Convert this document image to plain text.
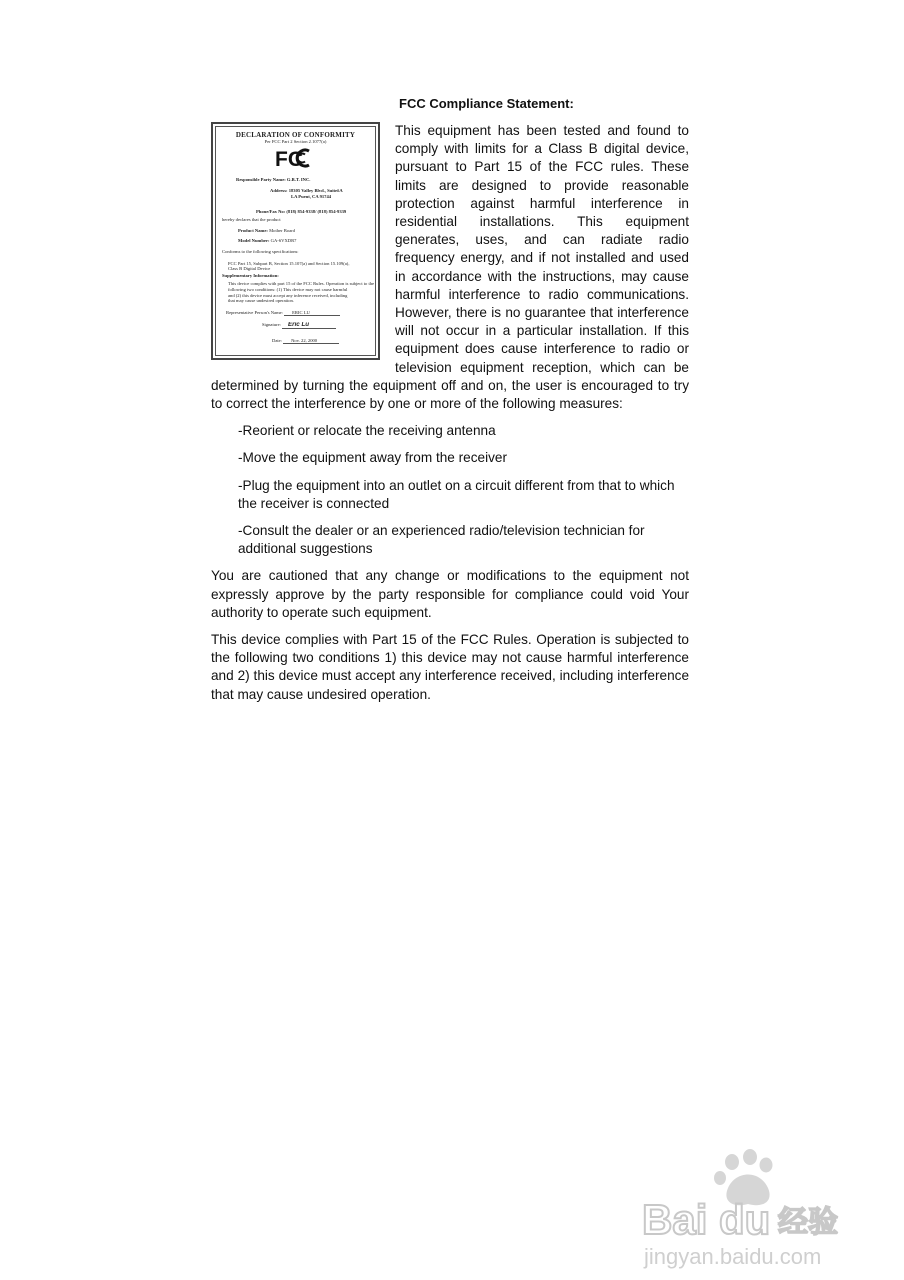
FCC Compliance Statement:
DECLARATION OF CONFORMITY
Per FCC Part 2 Section 2.1077(a)
FC
Responsible Party Name: G.B.T. INC.
Address: 18305 Valley Blvd., Suite#A
LA Puent, CA 91744
Phone/Fax No: (818) 854-9338/ (818) 854-9339
hereby declares that the product
Product Name: Mother Board
Model Number: GA-6VXDR7
Conforms to the following specifications:
FCC Part 15, Subpart B, Section 15.107(a) and Section 15.109(a),
Class B Digital Device
Supplementary Information:
This device complies with part 15 of the FCC Rules. Operation is subject to the
following two conditions: (1) This device may not cause harmful
and (2) this device must accept any inference received, including
that may cause undesired operation.
Representative Person's Name: ERIC LU
Signature: Eric Lu
Date: Nov. 22, 2000

This equipment has been tested and found to comply with limits for a Class B digital device, pursuant to Part 15 of the FCC rules. These limits are designed to provide reasonable protection against harmful interference in residential installations. This equipment generates, uses, and can radiate radio frequency energy, and if not installed and used in accordance with the instructions, may cause harmful interference to radio communications. However, there is no guarantee that interference will not occur in a particular installation. If this equipment does cause interference to radio or television equipment reception, which can be determined by turning the equipment off and on, the user is encouraged to try to correct the interference by one or more of the following measures:

-Reorient or relocate the receiving antenna

-Move the equipment away from the receiver

-Plug the equipment into an outlet on a circuit different from that to which the receiver is connected

-Consult the dealer or an experienced radio/television technician for additional suggestions

You are cautioned that any change or modifications to the equipment not expressly approve by the party responsible for compliance could void Your authority to operate such equipment.

This device complies with Part 15 of the FCC Rules. Operation is subjected to the following two conditions 1) this device may not cause harmful interference and 2) this device must accept any interference received, including interference that may cause undesired operation.

Bai du 经验
jingyan.baidu.com
